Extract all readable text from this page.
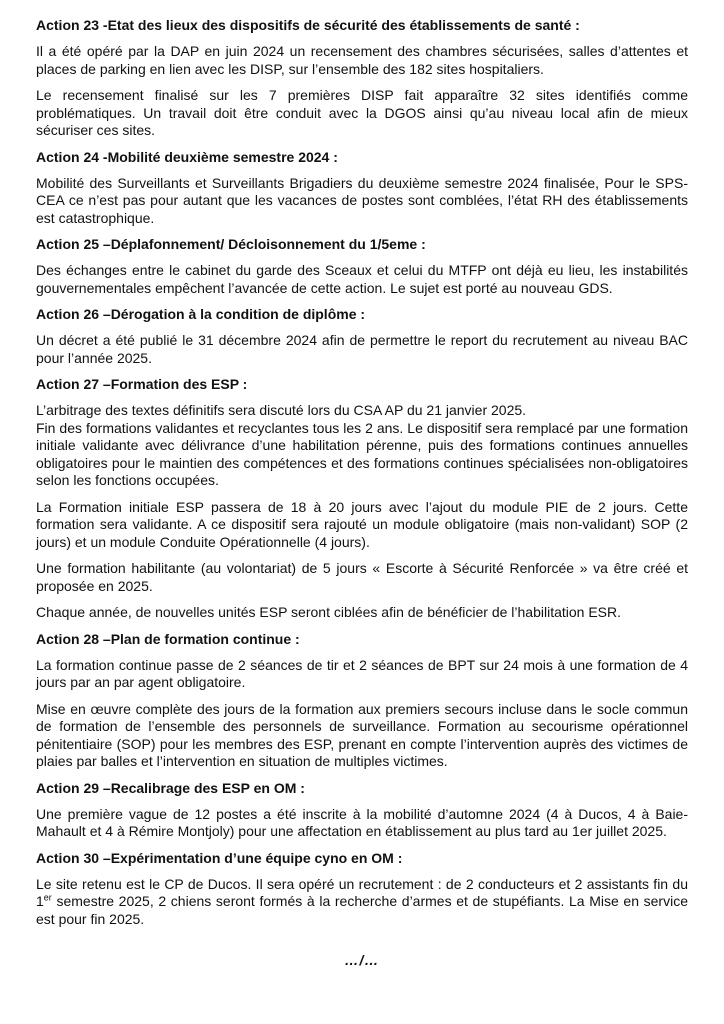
Action 23 -Etat des lieux des dispositifs de sécurité des établissements de santé :

Il a été opéré par la DAP en juin 2024 un recensement des chambres sécurisées, salles d’attentes et places de parking en lien avec les DISP, sur l’ensemble des 182 sites hospitaliers.

Le recensement finalisé sur les 7 premières DISP fait apparaître 32 sites identifiés comme problématiques. Un travail doit être conduit avec la DGOS ainsi qu’au niveau local afin de mieux sécuriser ces sites.

Action 24 -Mobilité deuxième semestre 2024 :

Mobilité des Surveillants et Surveillants Brigadiers du deuxième semestre 2024 finalisée, Pour le SPS-CEA ce n’est pas pour autant que les vacances de postes sont comblées, l’état RH des établissements est catastrophique.

Action 25 –Déplafonnement/ Décloisonnement du 1/5eme :

Des échanges entre le cabinet du garde des Sceaux et celui du MTFP ont déjà eu lieu, les instabilités gouvernementales empêchent l’avancée de cette action. Le sujet est porté au nouveau GDS.

Action 26 –Dérogation à la condition de diplôme :

Un décret a été publié le 31 décembre 2024 afin de permettre le report du recrutement au niveau BAC pour l’année 2025.

Action 27 –Formation des ESP :

L’arbitrage des textes définitifs sera discuté lors du CSA AP du 21 janvier 2025.

Fin des formations validantes et recyclantes tous les 2 ans. Le dispositif sera remplacé par une formation initiale validante avec délivrance d’une habilitation pérenne, puis des formations continues annuelles obligatoires pour le maintien des compétences et des formations continues spécialisées non-obligatoires selon les fonctions occupées.

La Formation initiale ESP passera de 18 à 20 jours avec l’ajout du module PIE de 2 jours. Cette formation sera validante. A ce dispositif sera rajouté un module obligatoire (mais non-validant) SOP (2 jours) et un module Conduite Opérationnelle (4 jours).

Une formation habilitante (au volontariat) de 5 jours « Escorte à Sécurité Renforcée » va être créé et proposée en 2025.

Chaque année, de nouvelles unités ESP seront ciblées afin de bénéficier de l’habilitation ESR.

Action 28 –Plan de formation continue :

La formation continue passe de 2 séances de tir et 2 séances de BPT sur 24 mois à une formation de 4 jours par an par agent obligatoire.

Mise en œuvre complète des jours de la formation aux premiers secours incluse dans le socle commun de formation de l’ensemble des personnels de surveillance. Formation au secourisme opérationnel pénitentiaire (SOP) pour les membres des ESP, prenant en compte l’intervention auprès des victimes de plaies par balles et l’intervention en situation de multiples victimes.

Action 29 –Recalibrage des ESP en OM :

Une première vague de 12 postes a été inscrite à la mobilité d’automne 2024 (4 à Ducos, 4 à Baie-Mahault et 4 à Rémire Montjoly) pour une affectation en établissement au plus tard au 1er juillet 2025.

Action 30 –Expérimentation d’une équipe cyno en OM :

Le site retenu est le CP de Ducos. Il sera opéré un recrutement : de 2 conducteurs et 2 assistants fin du 1er semestre 2025, 2 chiens seront formés à la recherche d’armes et de stupéfiants. La Mise en service est pour fin 2025.

…/…
